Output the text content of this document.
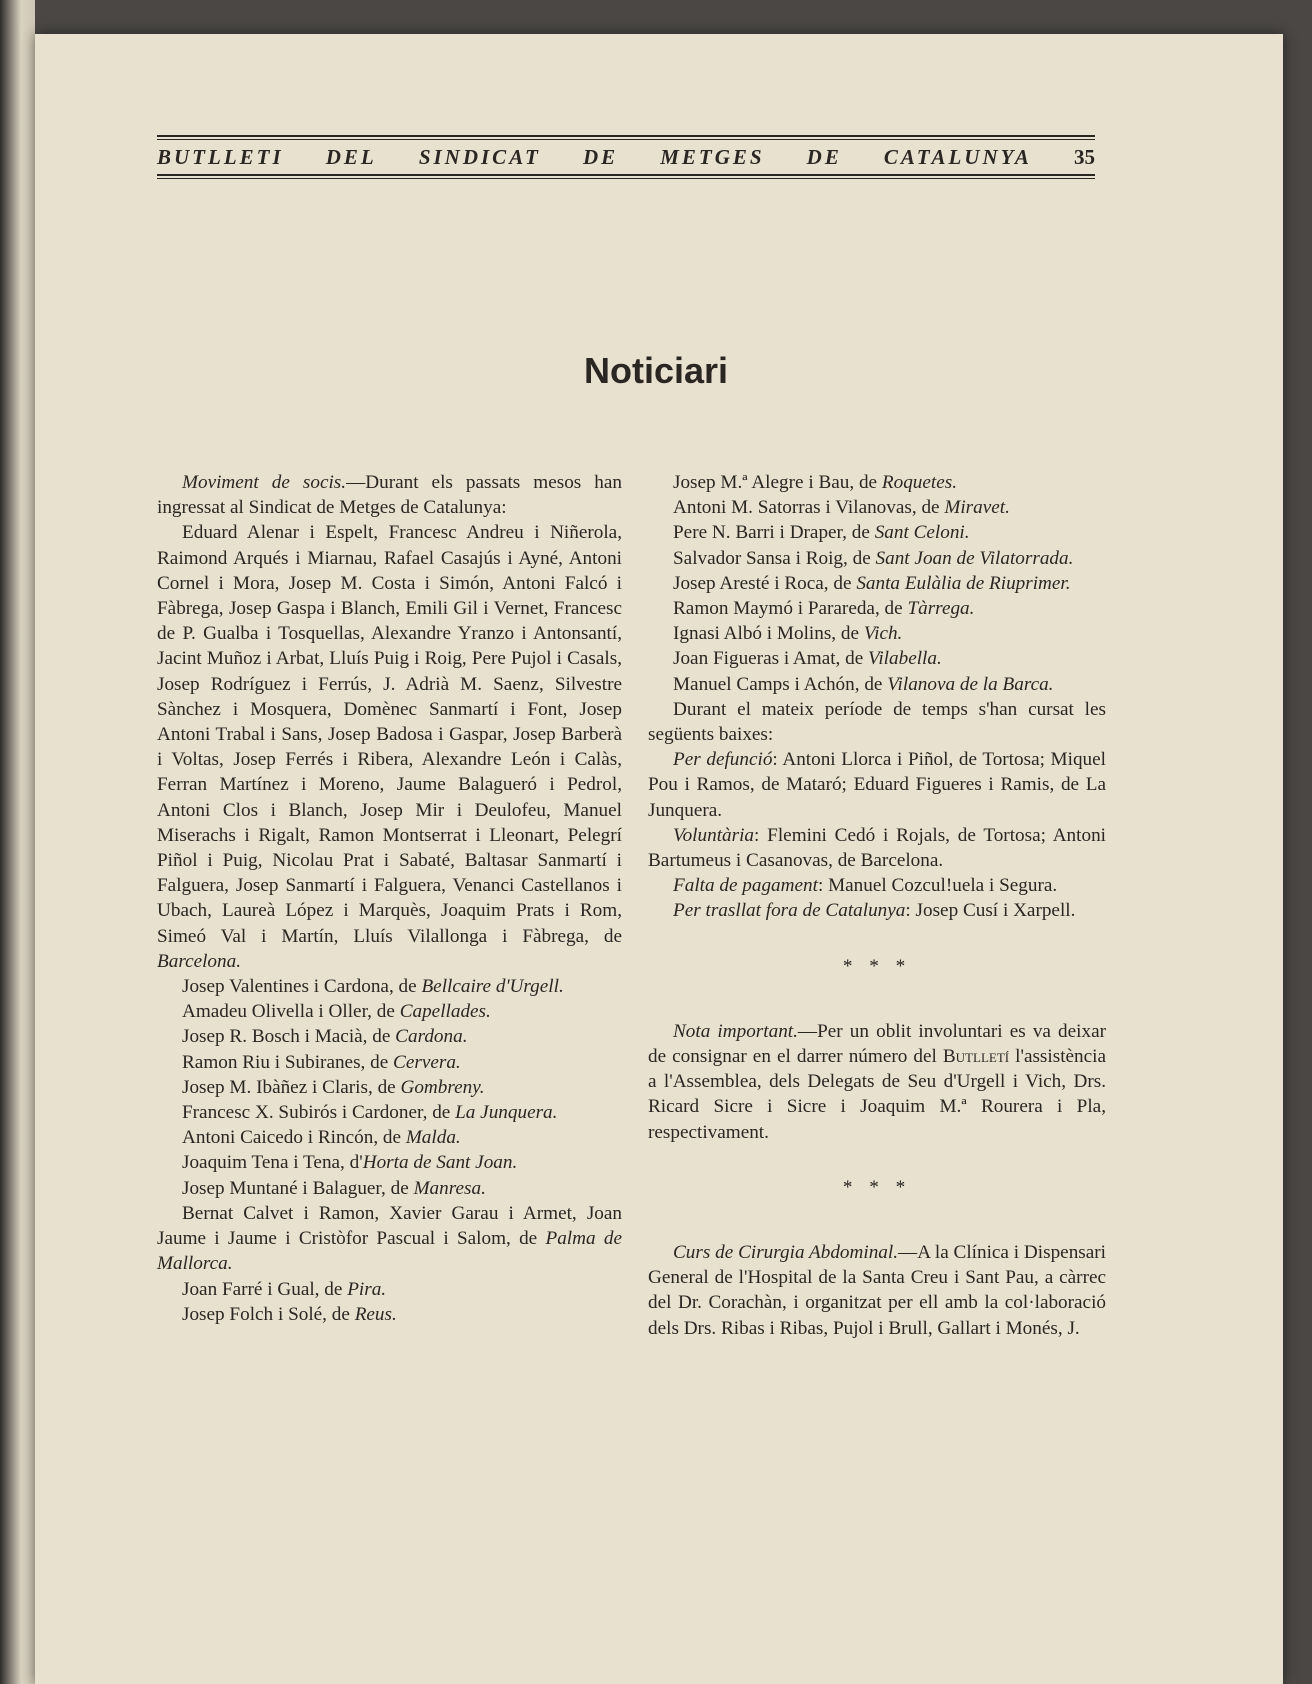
BUTLLETI DEL SINDICAT DE METGES DE CATALUNYA 35
Noticiari

Moviment de socis.—Durant els passats mesos han ingressat al Sindicat de Metges de Catalunya:

Eduard Alenar i Espelt, Francesc Andreu i Niñerola, Raimond Arqués i Miarnau, Rafael Casajús i Ayné, Antoni Cornel i Mora, Josep M. Costa i Simón, Antoni Falcó i Fàbrega, Josep Gaspa i Blanch, Emili Gil i Vernet, Francesc de P. Gualba i Tosquellas, Alexandre Yranzo i Antonsantí, Jacint Muñoz i Arbat, Lluís Puig i Roig, Pere Pujol i Casals, Josep Rodríguez i Ferrús, J. Adrià M. Saenz, Silvestre Sànchez i Mosquera, Domènec Sanmartí i Font, Josep Antoni Trabal i Sans, Josep Badosa i Gaspar, Josep Barberà i Voltas, Josep Ferrés i Ribera, Alexandre León i Calàs, Ferran Martínez i Moreno, Jaume Balagueró i Pedrol, Antoni Clos i Blanch, Josep Mir i Deulofeu, Manuel Miserachs i Rigalt, Ramon Montserrat i Lleonart, Pelegrí Piñol i Puig, Nicolau Prat i Sabaté, Baltasar Sanmartí i Falguera, Josep Sanmartí i Falguera, Venanci Castellanos i Ubach, Laureà López i Marquès, Joaquim Prats i Rom, Simeó Val i Martín, Lluís Vilallonga i Fàbrega, de Barcelona.

Josep Valentines i Cardona, de Bellcaire d'Urgell.

Amadeu Olivella i Oller, de Capellades.

Josep R. Bosch i Macià, de Cardona.

Ramon Riu i Subiranes, de Cervera.

Josep M. Ibàñez i Claris, de Gombreny.

Francesc X. Subirós i Cardoner, de La Junquera.

Antoni Caicedo i Rincón, de Malda.

Joaquim Tena i Tena, d'Horta de Sant Joan.

Josep Muntané i Balaguer, de Manresa.

Bernat Calvet i Ramon, Xavier Garau i Armet, Joan Jaume i Jaume i Cristòfor Pascual i Salom, de Palma de Mallorca.

Joan Farré i Gual, de Pira.

Josep Folch i Solé, de Reus.

Josep M.ª Alegre i Bau, de Roquetes.

Antoni M. Satorras i Vilanovas, de Miravet.

Pere N. Barri i Draper, de Sant Celoni.

Salvador Sansa i Roig, de Sant Joan de Vilatorrada.

Josep Aresté i Roca, de Santa Eulàlia de Riuprimer.

Ramon Maymó i Parareda, de Tàrrega.

Ignasi Albó i Molins, de Vich.

Joan Figueras i Amat, de Vilabella.

Manuel Camps i Achón, de Vilanova de la Barca.

Durant el mateix període de temps s'han cursat les següents baixes:

Per defunció: Antoni Llorca i Piñol, de Tortosa; Miquel Pou i Ramos, de Mataró; Eduard Figueres i Ramis, de La Junquera.

Voluntària: Flemini Cedó i Rojals, de Tortosa; Antoni Bartumeus i Casanovas, de Barcelona.

Falta de pagament: Manuel Cozcul!uela i Segura.

Per trasllat fora de Catalunya: Josep Cusí i Xarpell.

* * *

Nota important.—Per un oblit involuntari es va deixar de consignar en el darrer número del Butlletí l'assistència a l'Assemblea, dels Delegats de Seu d'Urgell i Vich, Drs. Ricard Sicre i Sicre i Joaquim M.ª Rourera i Pla, respectivament.

* * *

Curs de Cirurgia Abdominal.—A la Clínica i Dispensari General de l'Hospital de la Santa Creu i Sant Pau, a càrrec del Dr. Corachàn, i organitzat per ell amb la col·laboració dels Drs. Ribas i Ribas, Pujol i Brull, Gallart i Monés, J.
